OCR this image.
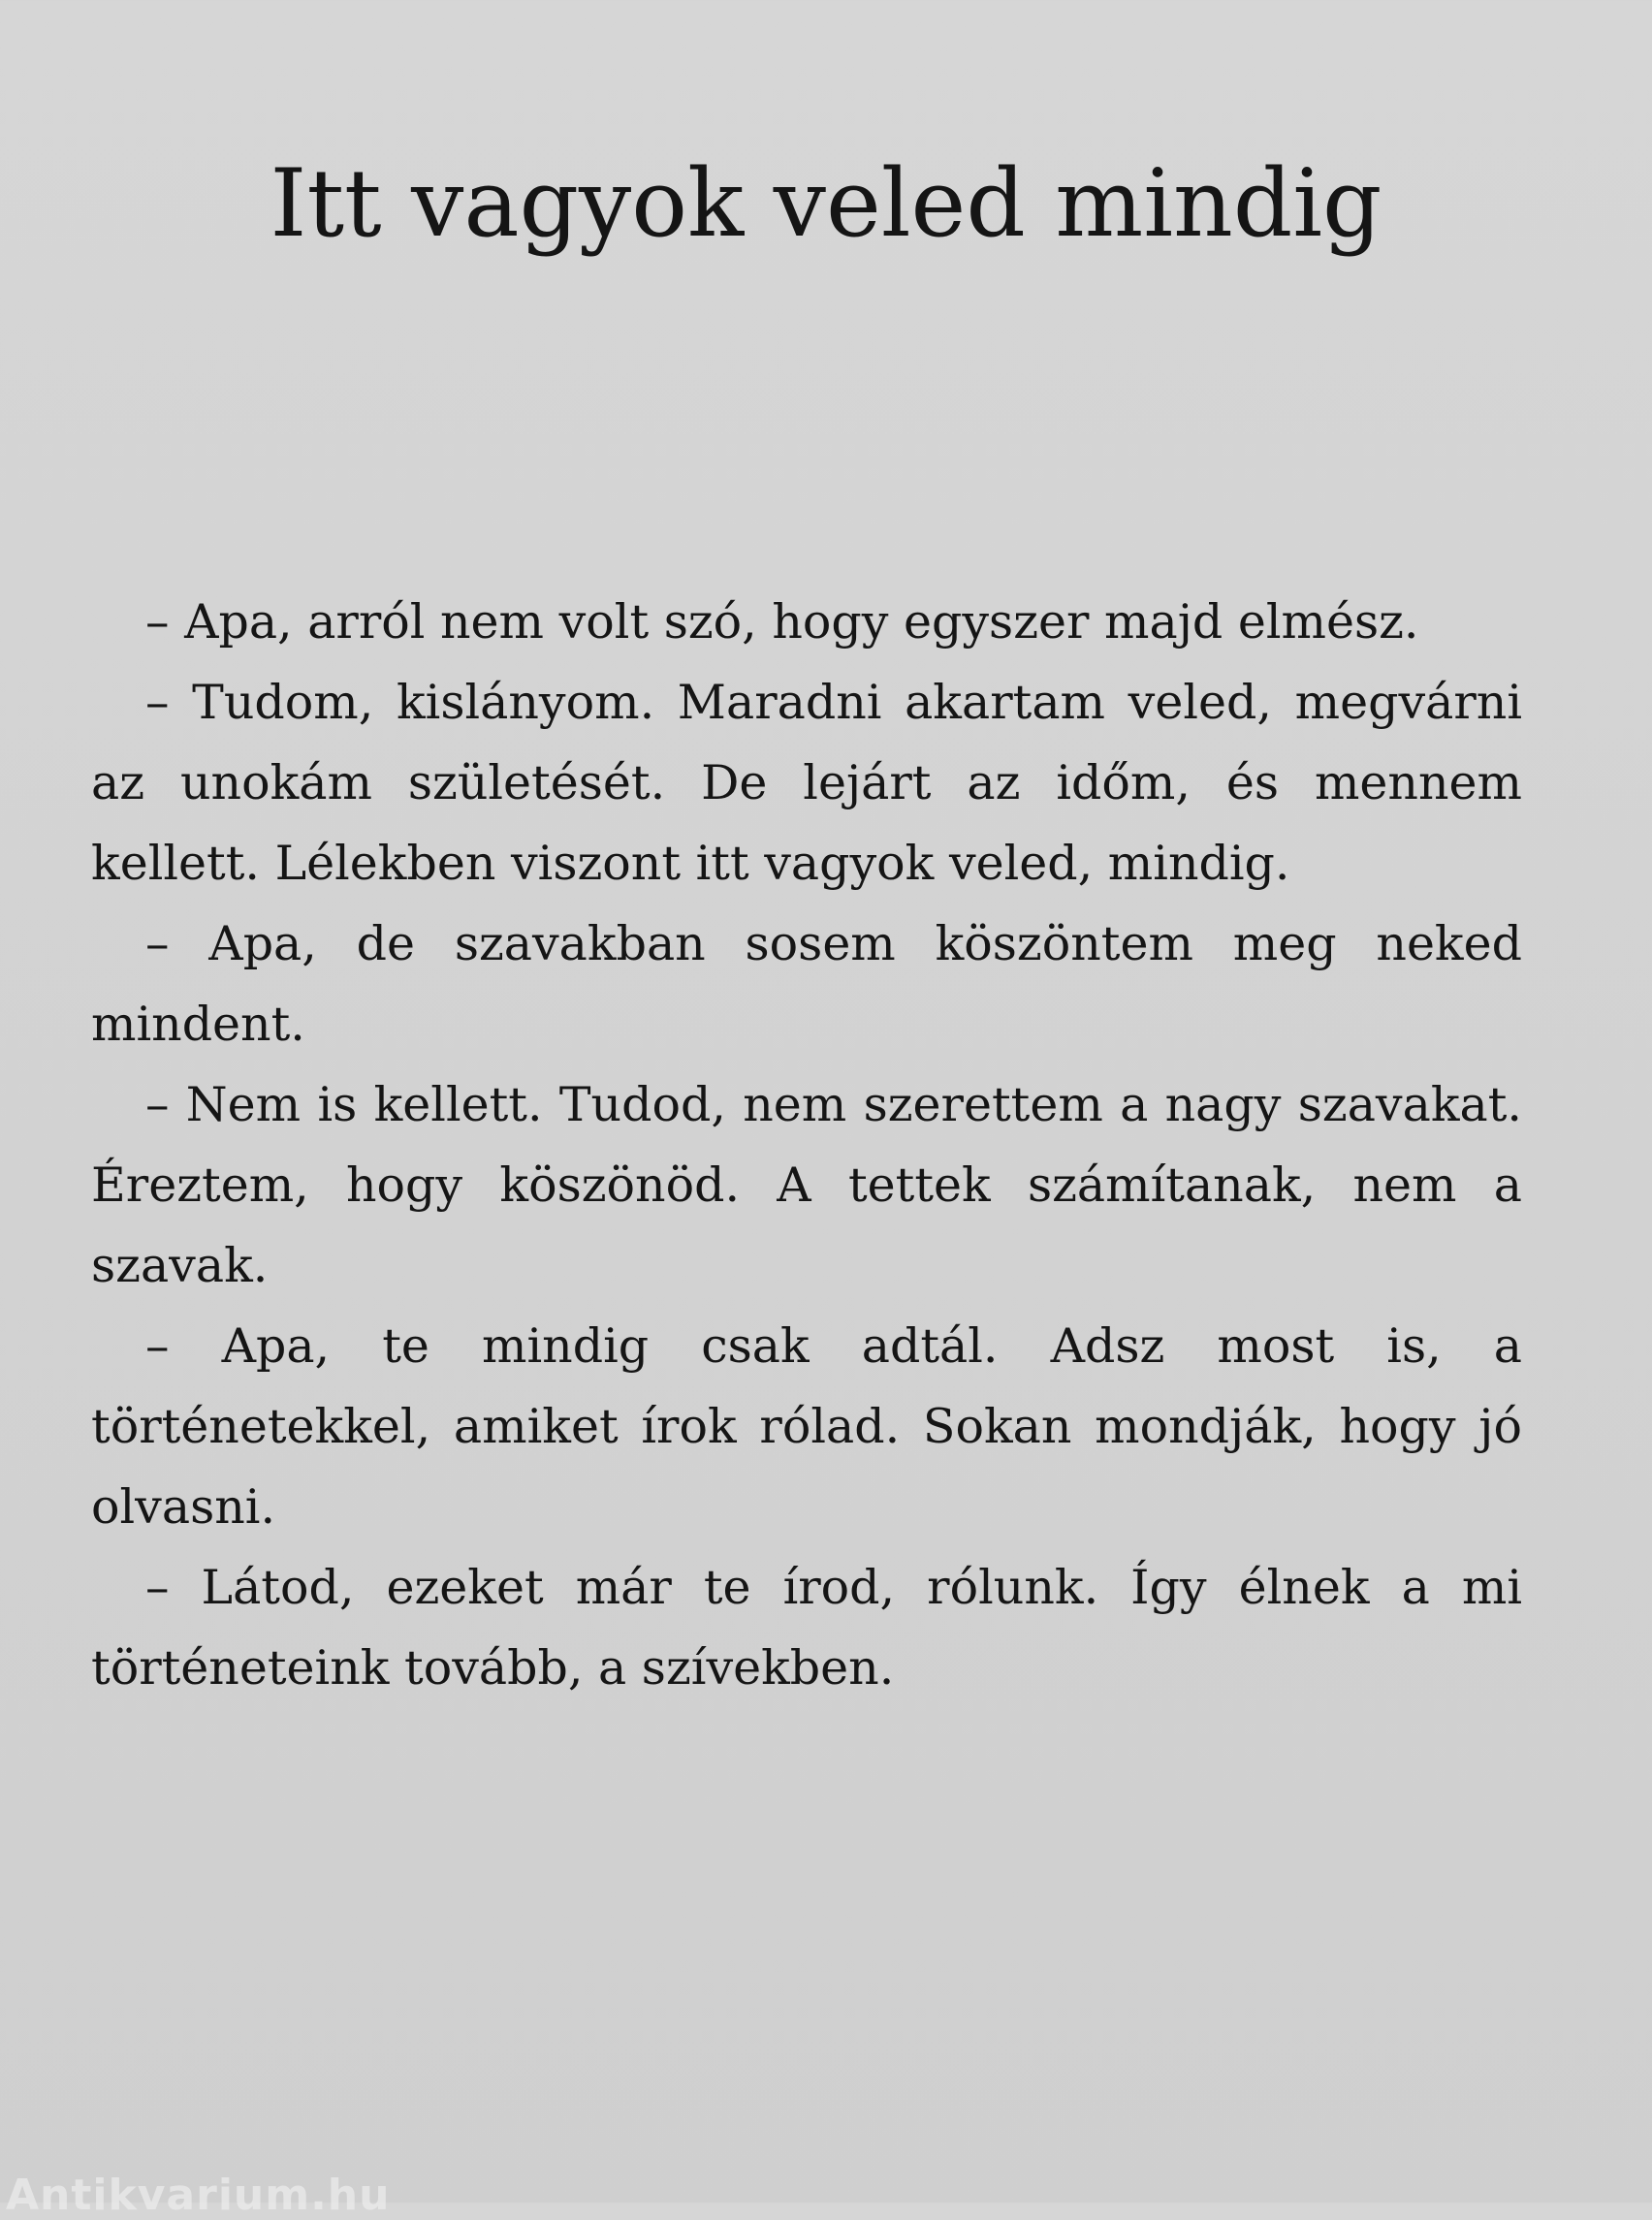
Itt vagyok veled mindig

– Apa, arról nem volt szó, hogy egyszer majd elmész.

– Tudom, kislányom. Maradni akartam veled, megvárni az unokám születését. De lejárt az időm, és mennem kellett. Lélekben viszont itt vagyok veled, mindig.

– Apa, de szavakban sosem köszöntem meg neked mindent.

– Nem is kellett. Tudod, nem szerettem a nagy szavakat. Éreztem, hogy köszönöd. A tettek számítanak, nem a szavak.

– Apa, te mindig csak adtál. Adsz most is, a történetekkel, amiket írok rólad. Sokan mondják, hogy jó olvasni.

– Látod, ezeket már te írod, rólunk. Így élnek a mi történeteink tovább, a szívekben.

Antikvarium.hu
